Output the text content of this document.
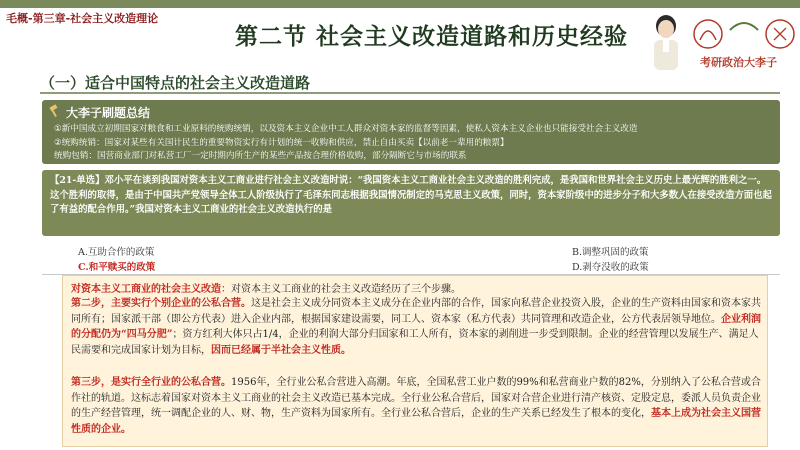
毛概-第三章-社会主义改造理论
第二节 社会主义改造道路和历史经验
考研政治大李子
（一）适合中国特点的社会主义改造道路
大李子刷题总结
①新中国成立初期国家对粮食和工业原料的统购统销，以及资本主义企业中工人群众对资本家的监督等因素，使私人资本主义企业也只能接受社会主义改造
②统购统销：国家对某些有关国计民生的重要物资实行有计划的统一收购和供应，禁止自由买卖【以前老一辈用的粮票】
统购包销：国营商业部门对私营工厂一定时期内所生产的某些产品按合理价格收购，部分隔断它与市场的联系
【21-单选】邓小平在谈到我国对资本主义工商业进行社会主义改造时说：“我国资本主义工商业社会主义改造的胜利完成，是我国和世界社会主义历史上最光辉的胜利之一。这个胜利的取得，是由于中国共产党领导全体工人阶级执行了毛泽东同志根据我国情况制定的马克思主义政策，同时，资本家阶级中的进步分子和大多数人在接受改造方面也起了有益的配合作用。”我国对资本主义工商业的社会主义改造执行的是
A.互助合作的政策	B.调整巩固的政策
C.和平赎买的政策	D.剥夺没收的政策
对资本主义工商业的社会主义改造：对资本主义工商业的社会主义改造经历了三个步骤。
第二步，主要实行个别企业的公私合营。这是社会主义成分同资本主义成分在企业内部的合作，国家向私营企业投资入股，企业的生产资料由国家和资本家共同所有；国家派干部（即公方代表）进入企业内部，根据国家建设需要，同工人、资本家（私方代表）共同管理和改造企业，公方代表居领导地位。企业利润的分配仍为“四马分肥”；资方红利大体只占1/4，企业的利润大部分归国家和工人所有，资本家的剥削进一步受到限制。企业的经营管理以发展生产、满足人民需要和完成国家计划为目标，因而已经属于半社会主义性质。
第三步，是实行全行业的公私合营。1956年，全行业公私合营进入高潮。年底，全国私营工业户数的99%和私营商业户数的82%，分别纳入了公私合营或合作社的轨道。这标志着国家对资本主义工商业的社会主义改造已基本完成。全行业公私合营后，国家对合营企业进行清产核资、定股定息，委派人员负责企业的生产经营管理，统一调配企业的人、财、物，生产资料为国家所有。全行业公私合营后，企业的生产关系已经发生了根本的变化，基本上成为社会主义国营性质的企业。
